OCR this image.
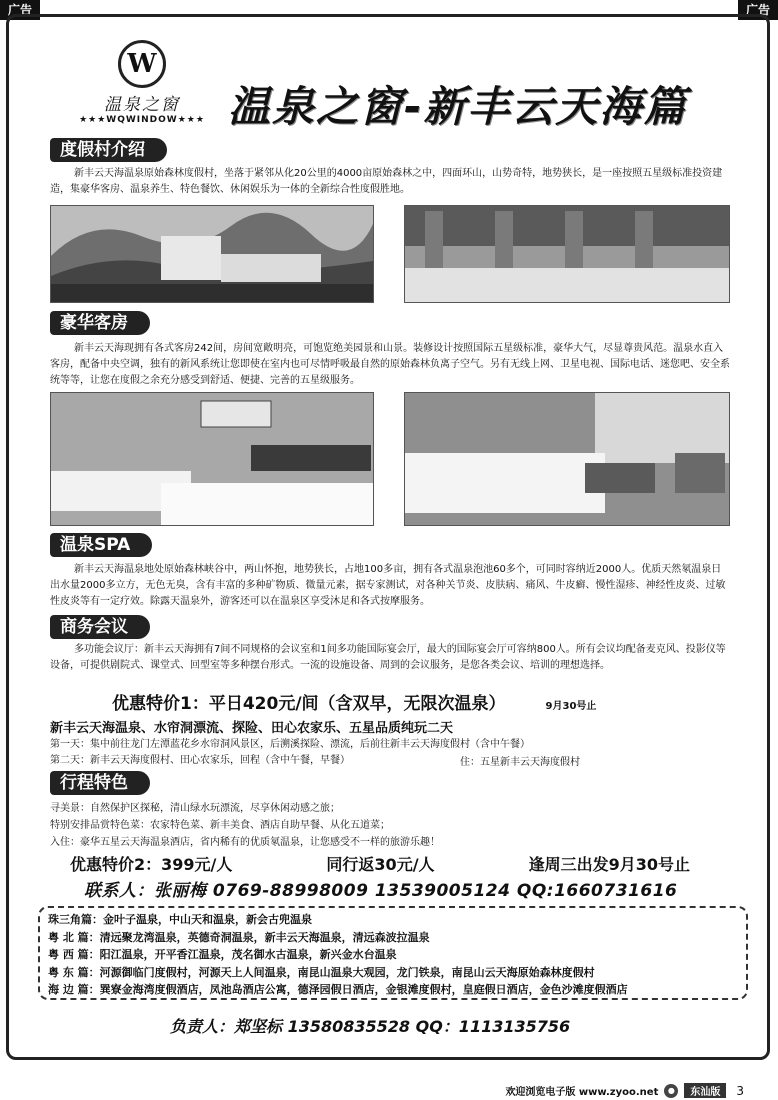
广告	广告
W
温泉之窗
★★★WQWINDOW★★★ 温泉之窗-新丰云天海篇
度假村介绍
新丰云天海温泉原始森林度假村，坐落于紧邻从化20公里的4000亩原始森林之中，四面环山，山势奇特，地势狭长，是一座按照五星级标准投资建造，集豪华客房、温泉养生、特色餐饮、休闲娱乐为一体的全新综合性度假胜地。
豪华客房
新丰云天海现拥有各式客房242间，房间宽敞明亮，可饱览绝美园景和山景。装修设计按照国际五星级标准，豪华大气，尽显尊贵风范。温泉水直入客房，配备中央空调，独有的新风系统让您即使在室内也可尽情呼吸最自然的原始森林负离子空气。另有无线上网、卫星电视、国际电话、迷您吧、安全系统等等，让您在度假之余充分感受到舒适、便捷、完善的五星级服务。
温泉SPA
新丰云天海温泉地处原始森林峡谷中，两山怀抱，地势狭长，占地100多亩，拥有各式温泉泡池60多个，可同时容纳近2000人。优质天然氡温泉日出水量2000多立方，无色无臭，含有丰富的多种矿物质、微量元素，据专家测试，对各种关节炎、皮肤病、痛风、牛皮癣、慢性湿疹、神经性皮炎、过敏性皮炎等有一定疗效。除露天温泉外，游客还可以在温泉区享受沐足和各式按摩服务。
商务会议
多功能会议厅：新丰云天海拥有7间不同规格的会议室和1间多功能国际宴会厅，最大的国际宴会厅可容纳800人。所有会议均配备麦克风、投影仪等设备，可提供剧院式、课堂式、回型室等多种摆台形式。一流的设施设备、周到的会议服务，是您各类会议、培训的理想选择。
优惠特价1：平日420元/间（含双早，无限次温泉）	9月30号止
新丰云天海温泉、水帘洞漂流、探险、田心农家乐、五星品质纯玩二天
第一天：集中前往龙门左潭蓝花乡水帘洞风景区，后溯溪探险、漂流，后前往新丰云天海度假村（含中午餐）
第二天：新丰云天海度假村、田心农家乐，回程（含中午餐，早餐）	住：五星新丰云天海度假村
行程特色
寻美景：自然保护区探秘，清山绿水玩漂流，尽享休闲动感之旅；
特别安排品赏特色菜：农家特色菜、新丰美食、酒店自助早餐、从化五道菜；
入住：豪华五星云天海温泉酒店，省内稀有的优质氡温泉，让您感受不一样的旅游乐趣！
优惠特价2：399元/人	同行返30元/人	逢周三出发9月30号止
联系人：张丽梅 0769-88998009 13539005124 QQ:1660731616
珠三角篇：金叶子温泉，中山天和温泉，新会古兜温泉
粤 北 篇：清远聚龙湾温泉，英德奇洞温泉，新丰云天海温泉，清远森波拉温泉
粤 西 篇：阳江温泉，开平香江温泉，茂名御水古温泉，新兴金水台温泉
粤 东 篇：河源御临门度假村，河源天上人间温泉，南昆山温泉大观园，龙门铁泉，南昆山云天海原始森林度假村
海 边 篇：巽寮金海湾度假酒店，凤池岛酒店公寓，德泽园假日酒店，金银滩度假村，皇庭假日酒店，金色沙滩度假酒店
负责人：郑坚标 13580835528 QQ：1113135756
欢迎浏览电子版 www.zyoo.net	●	东汕版	3
